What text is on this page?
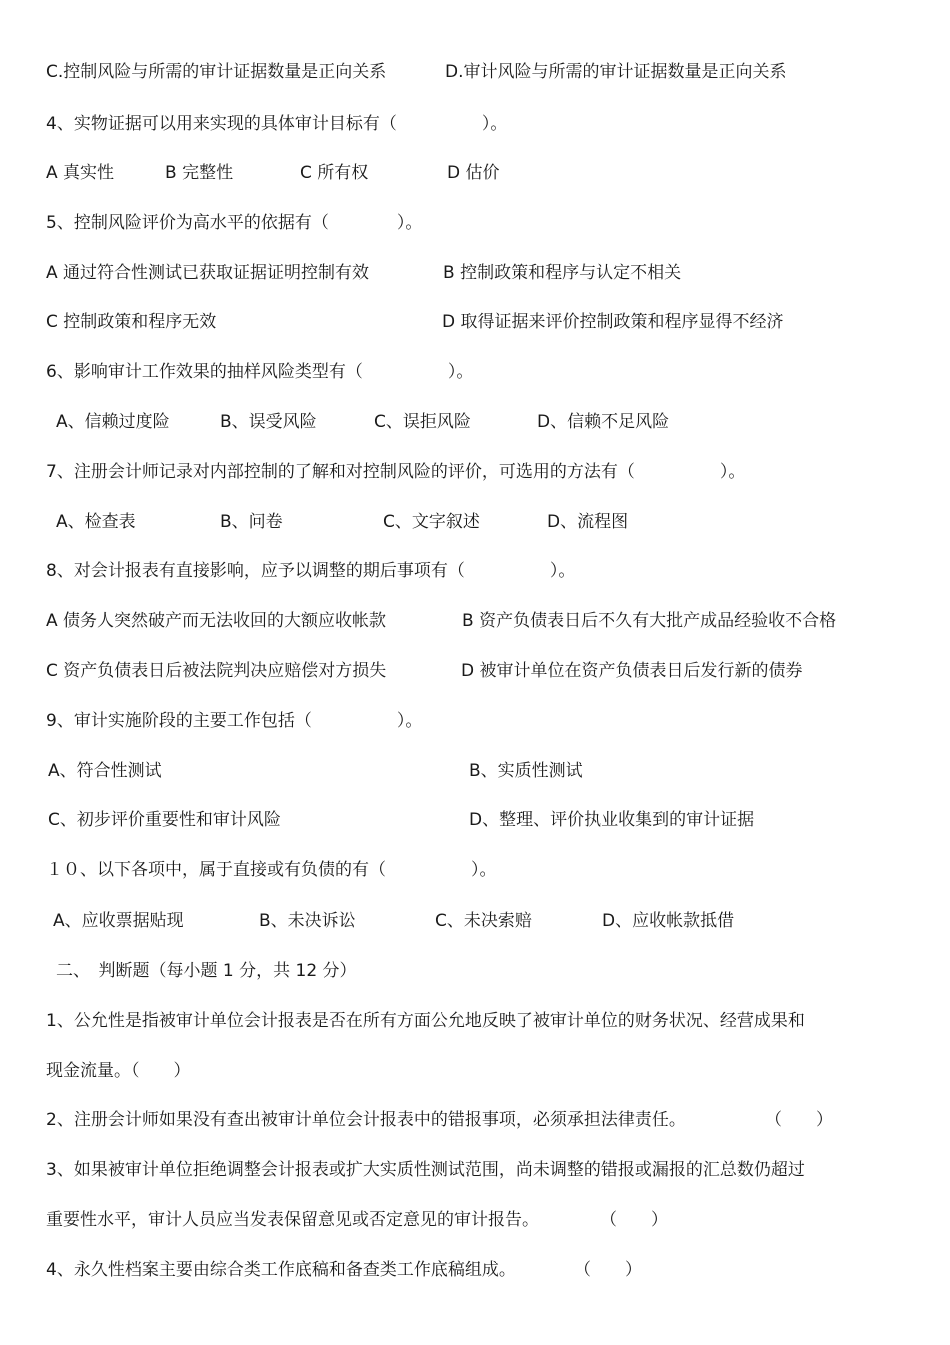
C.控制风险与所需的审计证据数量是正向关系	D.审计风险与所需的审计证据数量是正向关系
4、实物证据可以用来实现的具体审计目标有（　　　　　）。
A 真实性	B 完整性	C 所有权	D 估价
5、控制风险评价为高水平的依据有（　　　　）。
A 通过符合性测试已获取证据证明控制有效	B 控制政策和程序与认定不相关
C 控制政策和程序无效	D 取得证据来评价控制政策和程序显得不经济
6、影响审计工作效果的抽样风险类型有（　　　　　）。
A、信赖过度险	B、误受风险	C、误拒风险	D、信赖不足风险
7、注册会计师记录对内部控制的了解和对控制风险的评价，可选用的方法有（　　　　　）。
A、检查表	B、问卷	C、文字叙述	D、流程图
8、对会计报表有直接影响，应予以调整的期后事项有（　　　　　）。
A 债务人突然破产而无法收回的大额应收帐款	B 资产负债表日后不久有大批产成品经验收不合格
C 资产负债表日后被法院判决应赔偿对方损失	D 被审计单位在资产负债表日后发行新的债券
9、审计实施阶段的主要工作包括（　　　　　）。
A、符合性测试	B、实质性测试
C、初步评价重要性和审计风险	D、整理、评价执业收集到的审计证据
１０、以下各项中，属于直接或有负债的有（　　　　　）。
A、应收票据贴现	B、未决诉讼	C、未决索赔	D、应收帐款抵借
二、　判断题（每小题 1 分，共 12 分）
1、公允性是指被审计单位会计报表是否在所有方面公允地反映了被审计单位的财务状况、经营成果和
现金流量。（　　）
2、注册会计师如果没有查出被审计单位会计报表中的错报事项，必须承担法律责任。	（　　）
3、如果被审计单位拒绝调整会计报表或扩大实质性测试范围，尚未调整的错报或漏报的汇总数仍超过
重要性水平，审计人员应当发表保留意见或否定意见的审计报告。	（　　）
4、永久性档案主要由综合类工作底稿和备查类工作底稿组成。	（　　）
